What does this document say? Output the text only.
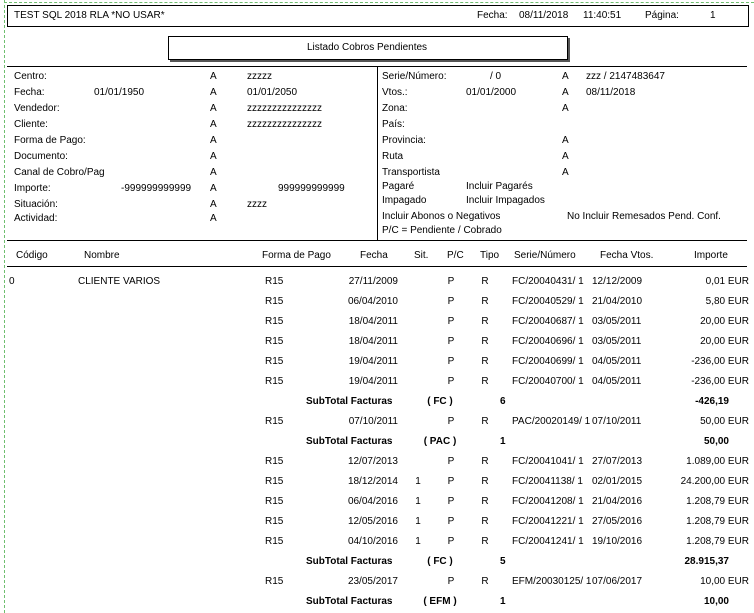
TEST SQL 2018 RLA *NO USAR*	Fecha: 08/11/2018 11:40:51 Página:	1
Listado Cobros Pendientes
Centro:	A	zzzzz
Fecha:	01/01/1950	A	01/01/2050
Vendedor:	A	zzzzzzzzzzzzzzz
Cliente:	A	zzzzzzzzzzzzzzz
Forma de Pago:	A
Documento:	A
Canal de Cobro/Pag	A
Importe:	-999999999999 A	999999999999
Situación:	A	zzzz
Actividad:	A
Serie/Número:	/ 0	A zzz / 2147483647
Vtos.:	01/01/2000	A 08/11/2018
Zona:	A
País:
Provincia:	A
Ruta	A
Transportista	A
Pagaré	Incluir Pagarés
Impagado	Incluir Impagados
Incluir Abonos o Negativos	No Incluir Remesados Pend. Conf.
P/C = Pendiente / Cobrado
Código	Nombre	Forma de Pago	Fecha	Sit. P/C Tipo Serie/Número Fecha Vtos.	Importe
0	CLIENTE VARIOS	R15	27/11/2009	P	R	FC/20040431/ 1 12/12/2009	0,01 EUR
R15	06/04/2010	P	R	FC/20040529/ 1 21/04/2010	5,80 EUR
R15	18/04/2011	P	R	FC/20040687/ 1 03/05/2011	20,00 EUR
R15	18/04/2011	P	R	FC/20040696/ 1 03/05/2011	20,00 EUR
R15	19/04/2011	P	R	FC/20040699/ 1 04/05/2011	-236,00 EUR
R15	19/04/2011	P	R	FC/20040700/ 1 04/05/2011	-236,00 EUR
SubTotal Facturas	( FC )	6	-426,19
R15	07/10/2011	P	R	PAC/20020149/ 1 07/10/2011	50,00 EUR
SubTotal Facturas	( PAC )	1	50,00
R15	12/07/2013	P	R	FC/20041041/ 1 27/07/2013	1.089,00 EUR
R15	18/12/2014	1	P	R	FC/20041138/ 1 02/01/2015	24.200,00 EUR
R15	06/04/2016	1	P	R	FC/20041208/ 1 21/04/2016	1.208,79 EUR
R15	12/05/2016	1	P	R	FC/20041221/ 1 27/05/2016	1.208,79 EUR
R15	04/10/2016	1	P	R	FC/20041241/ 1 19/10/2016	1.208,79 EUR
SubTotal Facturas	( FC )	5	28.915,37
R15	23/05/2017	P	R	EFM/20030125/ 1 07/06/2017	10,00 EUR
SubTotal Facturas	( EFM )	1	10,00
